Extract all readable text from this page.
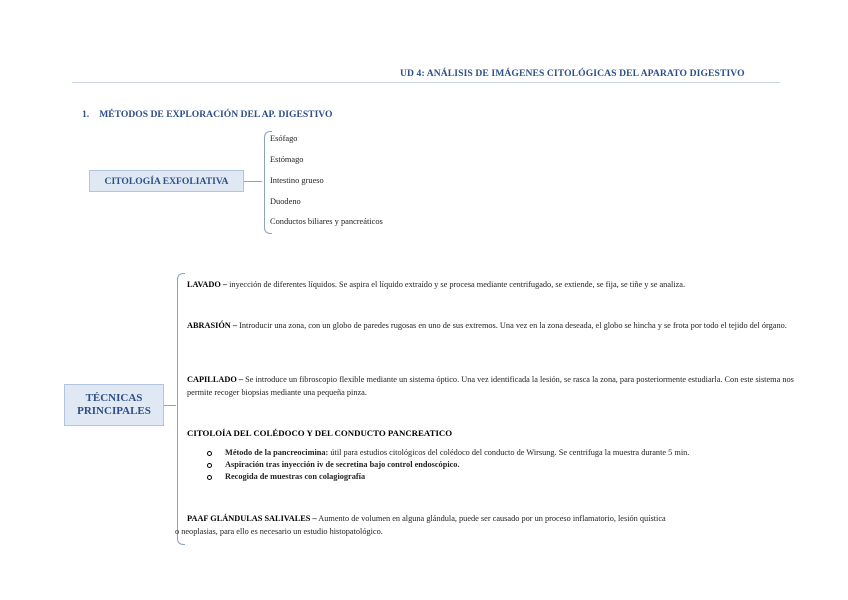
UD 4: ANÁLISIS DE IMÁGENES CITOLÓGICAS DEL APARATO DIGESTIVO
1. MÉTODOS DE EXPLORACIÓN DEL AP. DIGESTIVO
CITOLOGÍA EXFOLIATIVA
Esófago
Estómago
Intestino grueso
Duodeno
Conductos biliares y pancreáticos
TÉCNICAS
PRINCIPALES
LAVADO – inyección de diferentes líquidos. Se aspira el líquido extraído y se procesa mediante centrifugado, se extiende, se fija, se tiñe y se analiza.
ABRASIÓN – Introducir una zona, con un globo de paredes rugosas en uno de sus extremos. Una vez en la zona deseada, el globo se hincha y se frota por todo el tejido del órgano.
CAPILLADO – Se introduce un fibroscopio flexible mediante un sistema óptico. Una vez identificada la lesión, se rasca la zona, para posteriormente estudiarla. Con este sistema nos permite recoger biopsias mediante una pequeña pinza.
CITOLOÍA DEL COLÉDOCO Y DEL CONDUCTO PANCREATICO
Método de la pancreocimina: útil para estudios citológicos del colédoco del conducto de Wirsung. Se centrifuga la muestra durante 5 min.
Aspiración tras inyección iv de secretina bajo control endoscópico.
Recogida de muestras con colagiografía
PAAF GLÁNDULAS SALIVALES – Aumento de volumen en alguna glándula, puede ser causado por un proceso inflamatorio, lesión quística
o neoplasias, para ello es necesario un estudio histopatológico.
